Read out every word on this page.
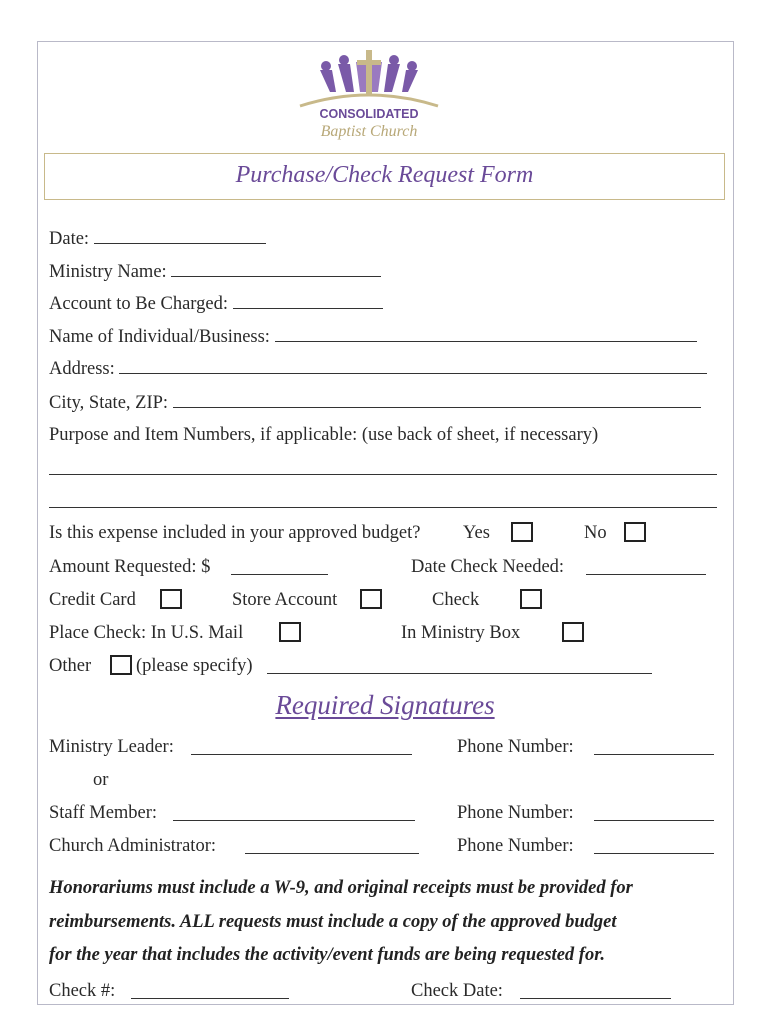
CONSOLIDATED
Baptist Church
Purchase/Check Request Form
Date:
Ministry Name:
Account to Be Charged:
Name of Individual/Business:
Address:
City, State, ZIP:
Purpose and Item Numbers, if applicable: (use back of sheet, if necessary)
Is this expense included in your approved budget? Yes	No
Amount Requested: $	Date Check Needed:
Credit Card	Store Account	Check
Place Check: In U.S. Mail	In Ministry Box
Other (please specify)
Required Signatures
Ministry Leader:	Phone Number:
or
Staff Member:	Phone Number:
Church Administrator:	Phone Number:
Honorariums must include a W-9, and original receipts must be provided for
reimbursements. ALL requests must include a copy of the approved budget
for the year that includes the activity/event funds are being requested for.
Check #:	Check Date:
